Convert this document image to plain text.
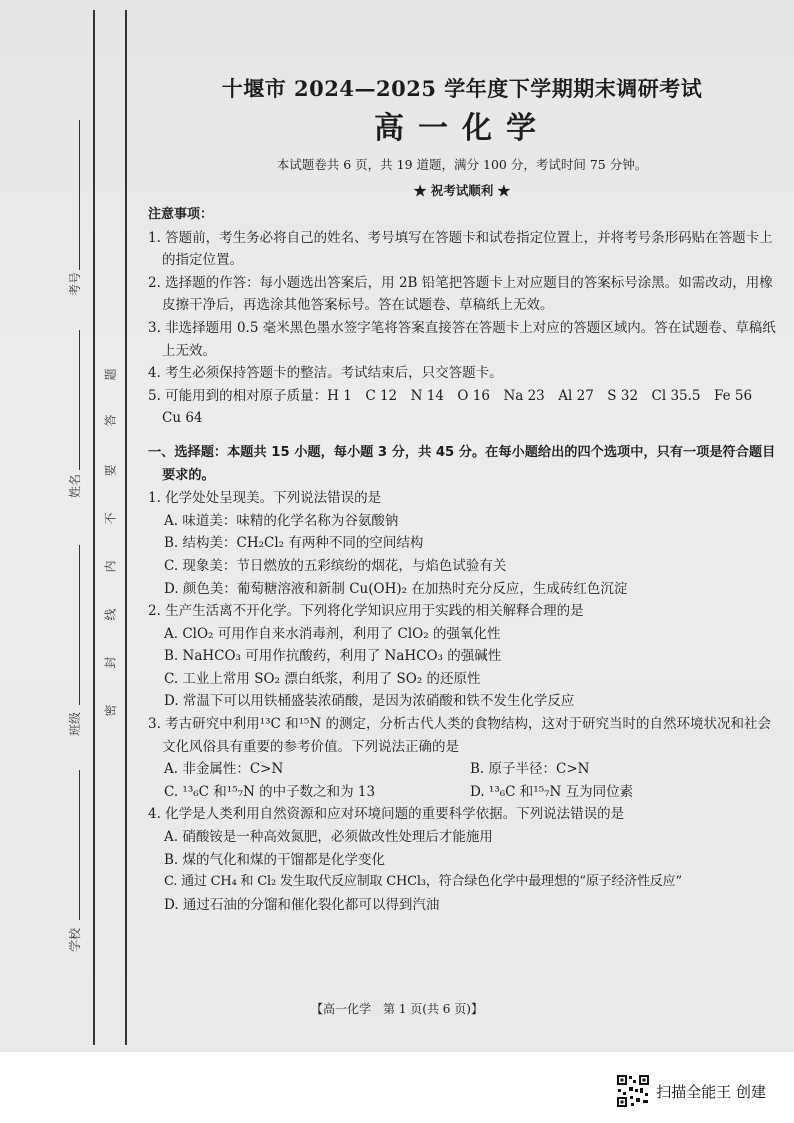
考号
姓名
班级
学校
题
答
要
不
内
线
封
密
十堰市 2024—2025 学年度下学期期末调研考试
高一化学
本试题卷共 6 页，共 19 道题，满分 100 分，考试时间 75 分钟。
★ 祝考试顺利 ★

注意事项：

1. 答题前，考生务必将自己的姓名、考号填写在答题卡和试卷指定位置上，并将考号条形码贴在答题卡上的指定位置。

2. 选择题的作答：每小题选出答案后，用 2B 铅笔把答题卡上对应题目的答案标号涂黑。如需改动，用橡皮擦干净后，再选涂其他答案标号。答在试题卷、草稿纸上无效。

3. 非选择题用 0.5 毫米黑色墨水签字笔将答案直接答在答题卡上对应的答题区域内。答在试题卷、草稿纸上无效。

4. 考生必须保持答题卡的整洁。考试结束后，只交答题卡。

5. 可能用到的相对原子质量：H 1　C 12　N 14　O 16　Na 23　Al 27　S 32　Cl 35.5　Fe 56　Cu 64

一、选择题：本题共 15 小题，每小题 3 分，共 45 分。在每小题给出的四个选项中，只有一项是符合题目要求的。

1. 化学处处呈现美。下列说法错误的是

A. 味道美：味精的化学名称为谷氨酸钠

B. 结构美：CH₂Cl₂ 有两种不同的空间结构

C. 现象美：节日燃放的五彩缤纷的烟花，与焰色试验有关

D. 颜色美：葡萄糖溶液和新制 Cu(OH)₂ 在加热时充分反应，生成砖红色沉淀

2. 生产生活离不开化学。下列将化学知识应用于实践的相关解释合理的是

A. ClO₂ 可用作自来水消毒剂，利用了 ClO₂ 的强氧化性

B. NaHCO₃ 可用作抗酸药，利用了 NaHCO₃ 的强碱性

C. 工业上常用 SO₂ 漂白纸浆，利用了 SO₂ 的还原性

D. 常温下可以用铁桶盛装浓硝酸，是因为浓硝酸和铁不发生化学反应

3. 考古研究中利用¹³C 和¹⁵N 的测定，分析古代人类的食物结构，这对于研究当时的自然环境状况和社会文化风俗具有重要的参考价值。下列说法正确的是

A. 非金属性：C>N	B. 原子半径：C>N
C. ¹³₆C 和¹⁵₇N 的中子数之和为 13	D. ¹³₆C 和¹⁵₇N 互为同位素

4. 化学是人类利用自然资源和应对环境问题的重要科学依据。下列说法错误的是

A. 硝酸铵是一种高效氮肥，必须做改性处理后才能施用

B. 煤的气化和煤的干馏都是化学变化

C. 通过 CH₄ 和 Cl₂ 发生取代反应制取 CHCl₃，符合绿色化学中最理想的“原子经济性反应”

D. 通过石油的分馏和催化裂化都可以得到汽油

【高一化学　第 1 页(共 6 页)】
扫描全能王 创建
